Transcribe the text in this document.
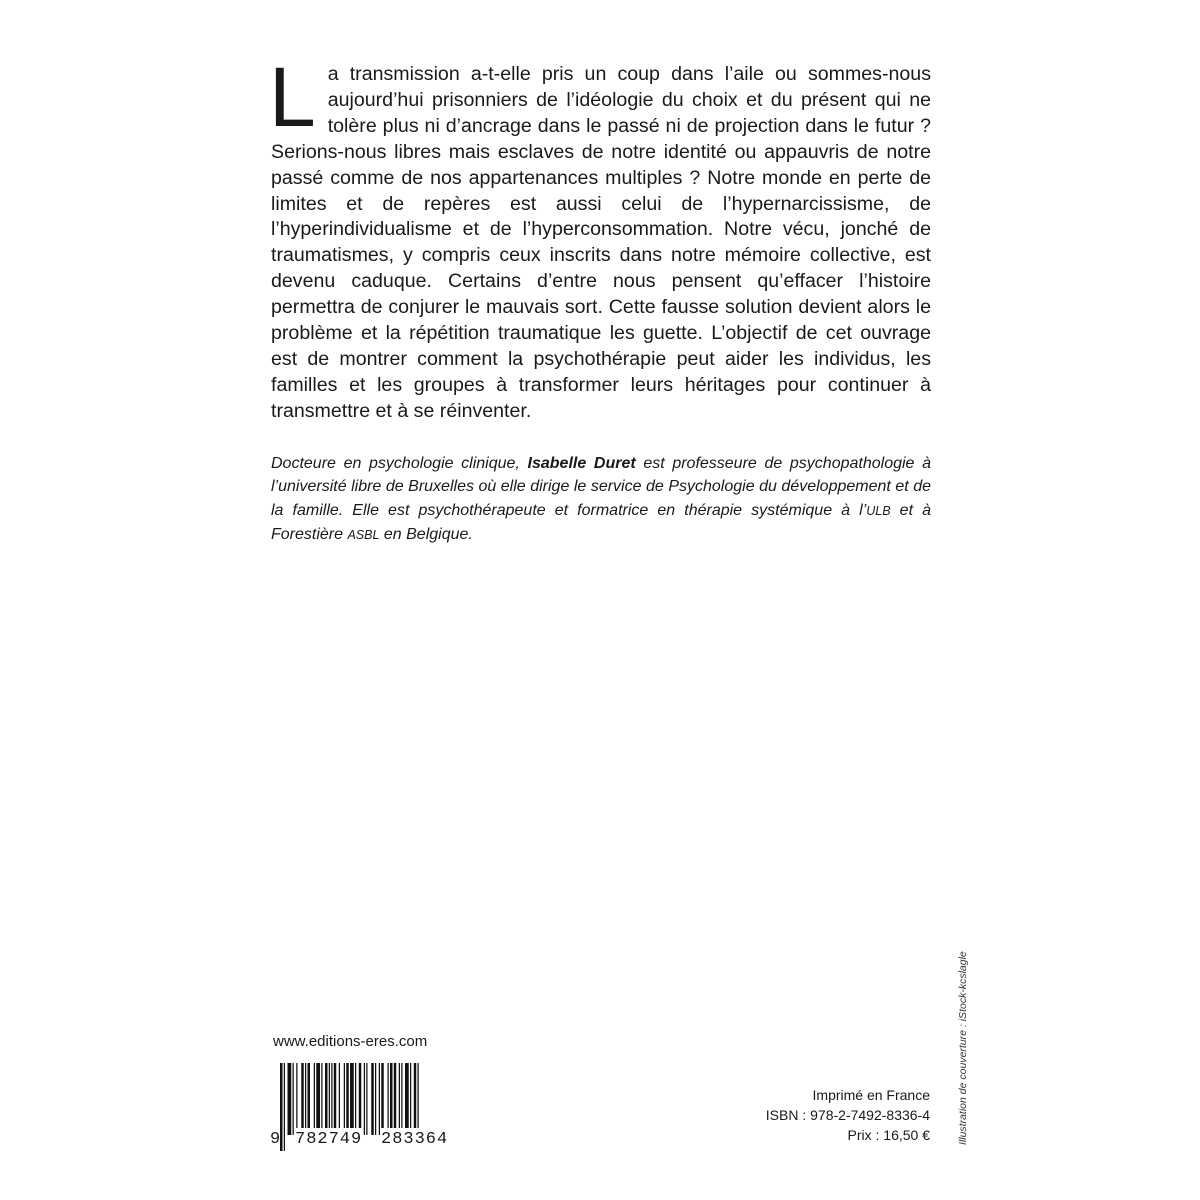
La transmission a-t-elle pris un coup dans l’aile ou sommes-nous aujourd’hui prisonniers de l’idéologie du choix et du présent qui ne tolère plus ni d’ancrage dans le passé ni de projection dans le futur ? Serions-nous libres mais esclaves de notre identité ou appauvris de notre passé comme de nos appartenances multiples ? Notre monde en perte de limites et de repères est aussi celui de l’hypernarcissisme, de l’hyperindividualisme et de l’hyperconsommation. Notre vécu, jonché de traumatismes, y compris ceux inscrits dans notre mémoire collective, est devenu caduque. Certains d’entre nous pensent qu’effacer l’histoire permettra de conjurer le mauvais sort. Cette fausse solution devient alors le problème et la répétition traumatique les guette. L’objectif de cet ouvrage est de montrer comment la psychothérapie peut aider les individus, les familles et les groupes à transformer leurs héritages pour continuer à transmettre et à se réinventer.

Docteure en psychologie clinique, Isabelle Duret est professeure de psychopathologie à l’université libre de Bruxelles où elle dirige le service de Psychologie du développement et de la famille. Elle est psychothérapeute et formatrice en thérapie systémique à l’ULB et à Forestière ASBL en Belgique.

www.editions-eres.com

9 782749 283364
Imprimé en France
ISBN : 978-2-7492-8336-4
Prix : 16,50 €	Illustration de couverture : iStock-kcslagle
